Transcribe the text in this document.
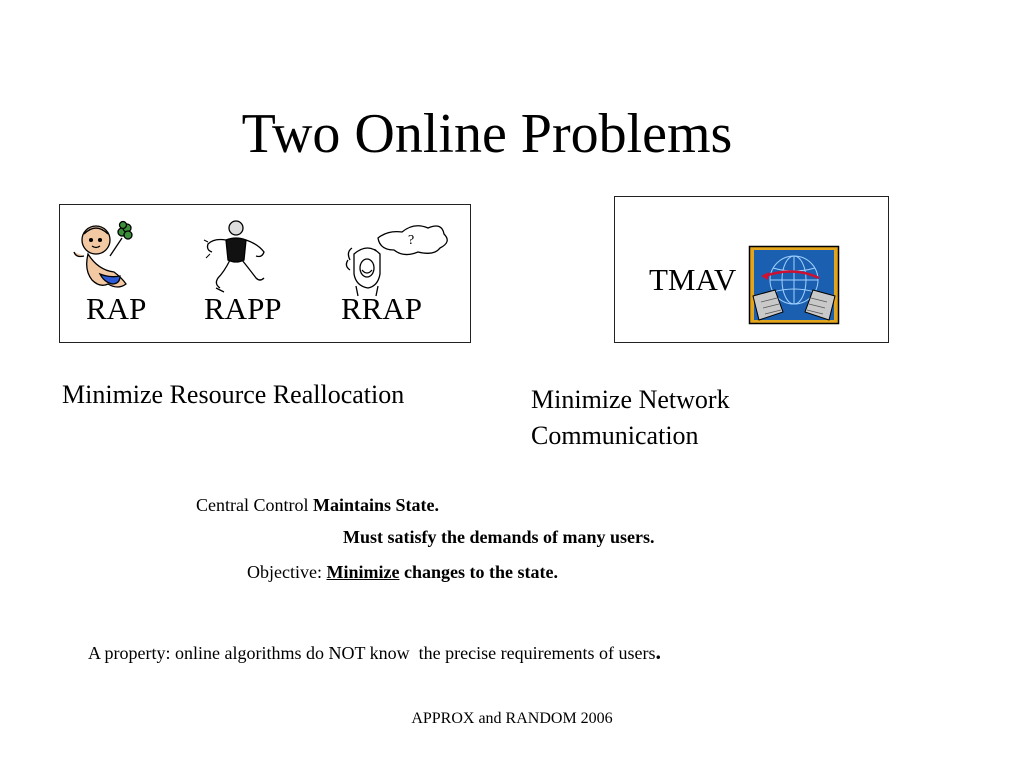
Two Online Problems
?
RAP RAPP RRAP
Minimize Resource Reallocation
TMAV
Minimize Network
Communication
Central Control Maintains State.
Must satisfy the demands of many users.
Objective: Minimize changes to the state.
A property: online algorithms do NOT know  the precise requirements of users.
APPROX and RANDOM 2006
